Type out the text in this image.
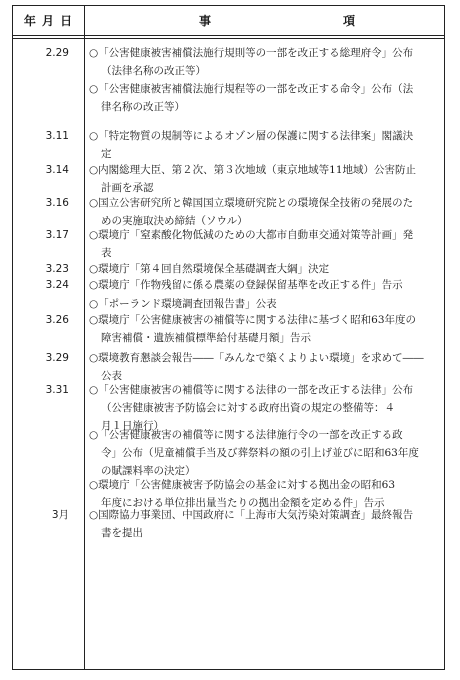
年 月 日	事	項
2.29 ○「公害健康被害補償法施行規則等の一部を改正する総理府令」公布
（法律名称の改正等）
○「公害健康被害補償法施行規程等の一部を改正する命令」公布（法
律名称の改正等）
3.11 ○「特定物質の規制等によるオゾン層の保護に関する法律案」閣議決
定
3.14 ○内閣総理大臣、第２次、第３次地域（東京地域等11地域）公害防止
計画を承認
3.16 ○国立公害研究所と韓国国立環境研究院との環境保全技術の発展のた
めの実施取決め締結（ソウル）
3.17 ○環境庁「窒素酸化物低減のための大都市自動車交通対策等計画」発
表
3.23 ○環境庁「第４回自然環境保全基礎調査大綱」決定
3.24 ○環境庁「作物残留に係る農薬の登録保留基準を改正する件」告示
○「ポーランド環境調査団報告書」公表
3.26 ○環境庁「公害健康被害の補償等に関する法律に基づく昭和63年度の
障害補償・遺族補償標準給付基礎月額」告示
3.29 ○環境教育懇談会報告――「みんなで築くよりよい環境」を求めて――
公表
3.31 ○「公害健康被害の補償等に関する法律の一部を改正する法律」公布
（公害健康被害予防協会に対する政府出資の規定の整備等：４
月１日施行）
○「公害健康被害の補償等に関する法律施行令の一部を改正する政
令」公布（児童補償手当及び葬祭料の額の引上げ並びに昭和63年度
の賦課料率の決定）
○環境庁「公害健康被害予防協会の基金に対する拠出金の昭和63
年度における単位排出量当たりの拠出金額を定める件」告示
3月 ○国際協力事業団、中国政府に「上海市大気汚染対策調査」最終報告
書を提出
